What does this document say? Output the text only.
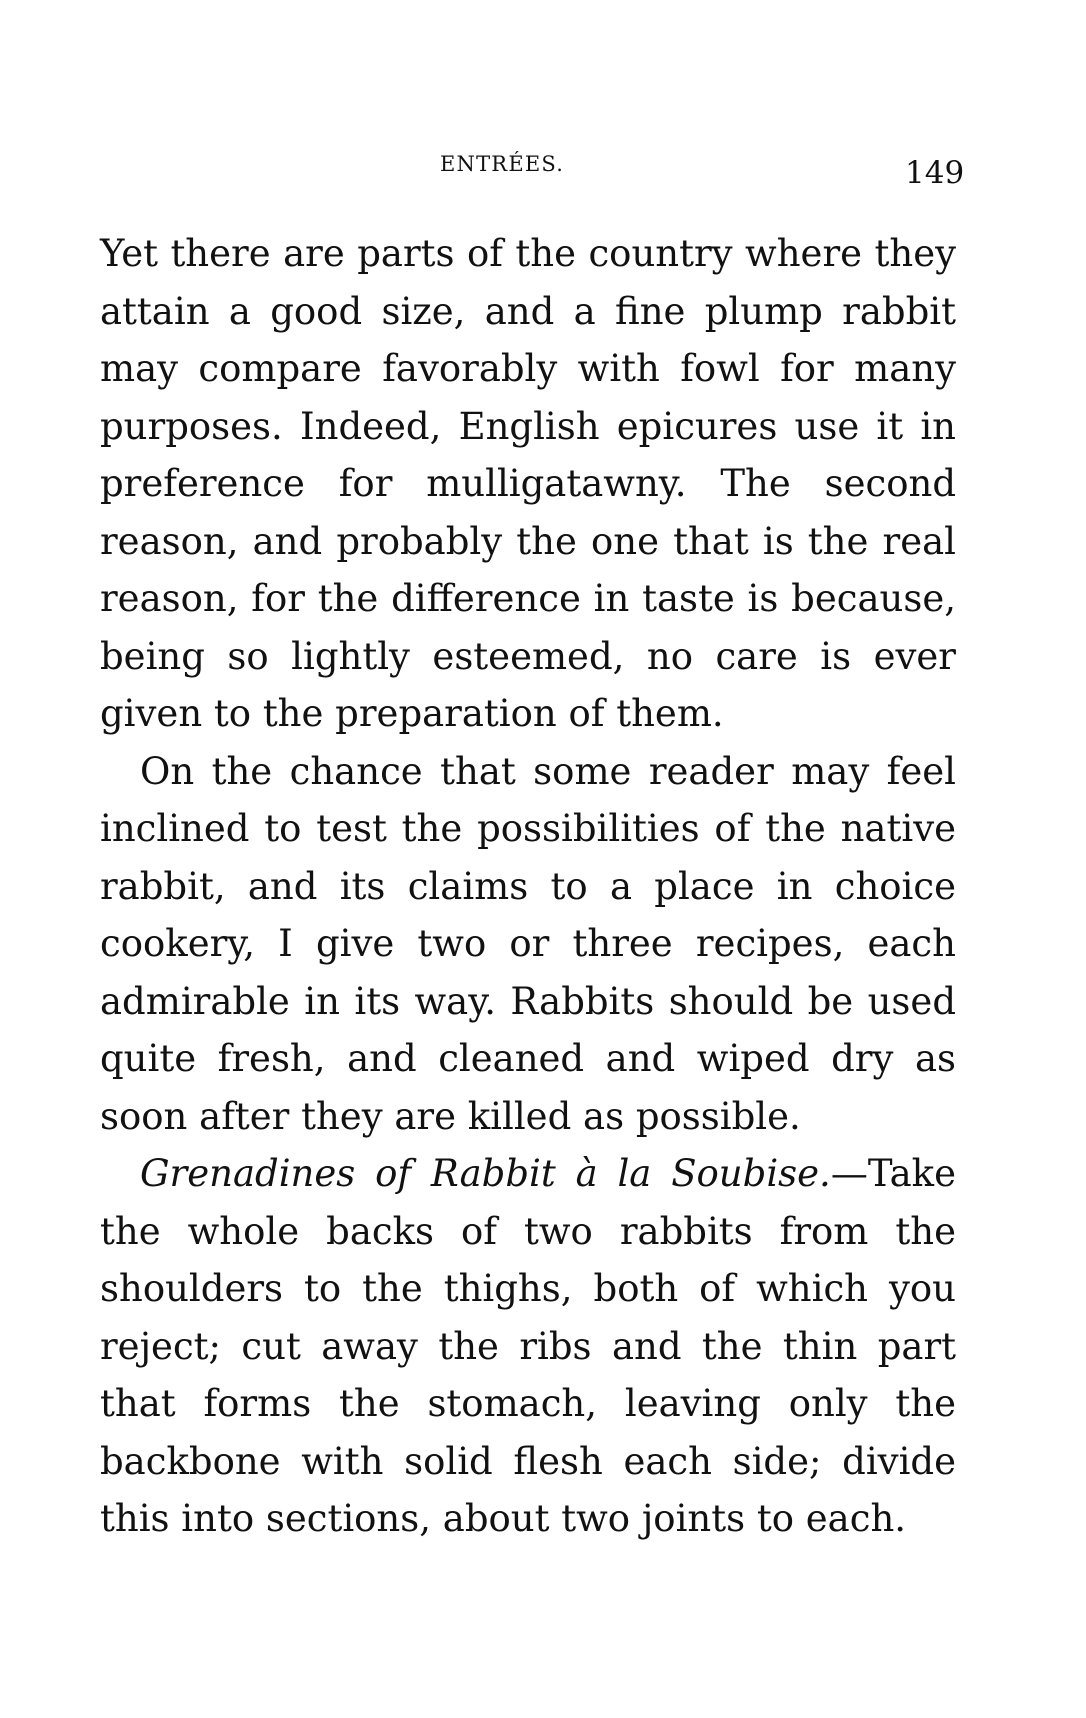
ENTRÉES.	149

Yet there are parts of the country where they attain a good size, and a fine plump rabbit may compare favorably with fowl for many purposes. Indeed, English epicures use it in preference for mulligatawny. The second reason, and probably the one that is the real reason, for the difference in taste is because, being so lightly esteemed, no care is ever given to the preparation of them.

On the chance that some reader may feel inclined to test the possibilities of the native rabbit, and its claims to a place in choice cookery, I give two or three recipes, each admirable in its way. Rabbits should be used quite fresh, and cleaned and wiped dry as soon after they are killed as possible.

Grenadines of Rabbit à la Soubise.—Take the whole backs of two rabbits from the shoulders to the thighs, both of which you reject; cut away the ribs and the thin part that forms the stomach, leaving only the backbone with solid flesh each side; divide this into sections, about two joints to each.
